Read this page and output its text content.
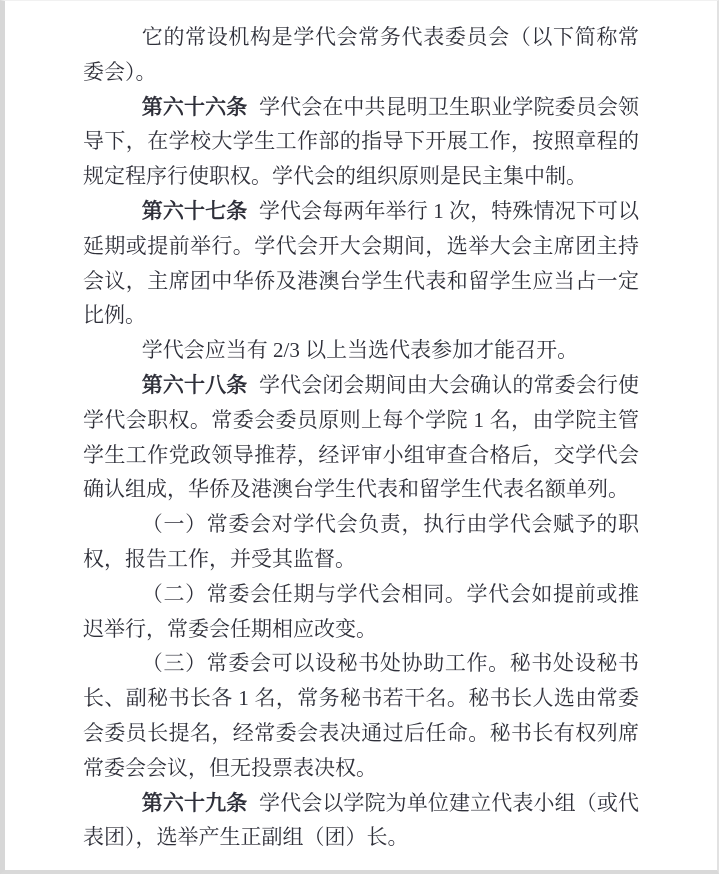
它的常设机构是学代会常务代表委员会（以下简称常委会）。

第六十六条 学代会在中共昆明卫生职业学院委员会领导下，在学校大学生工作部的指导下开展工作，按照章程的规定程序行使职权。学代会的组织原则是民主集中制。

第六十七条 学代会每两年举行 1 次，特殊情况下可以延期或提前举行。学代会开大会期间，选举大会主席团主持会议，主席团中华侨及港澳台学生代表和留学生应当占一定比例。

学代会应当有 2/3 以上当选代表参加才能召开。

第六十八条 学代会闭会期间由大会确认的常委会行使学代会职权。常委会委员原则上每个学院 1 名，由学院主管学生工作党政领导推荐，经评审小组审查合格后，交学代会确认组成，华侨及港澳台学生代表和留学生代表名额单列。

（一）常委会对学代会负责，执行由学代会赋予的职权，报告工作，并受其监督。

（二）常委会任期与学代会相同。学代会如提前或推迟举行，常委会任期相应改变。

（三）常委会可以设秘书处协助工作。秘书处设秘书长、副秘书长各 1 名，常务秘书若干名。秘书长人选由常委会委员长提名，经常委会表决通过后任命。秘书长有权列席常委会会议，但无投票表决权。

第六十九条 学代会以学院为单位建立代表小组（或代表团），选举产生正副组（团）长。
